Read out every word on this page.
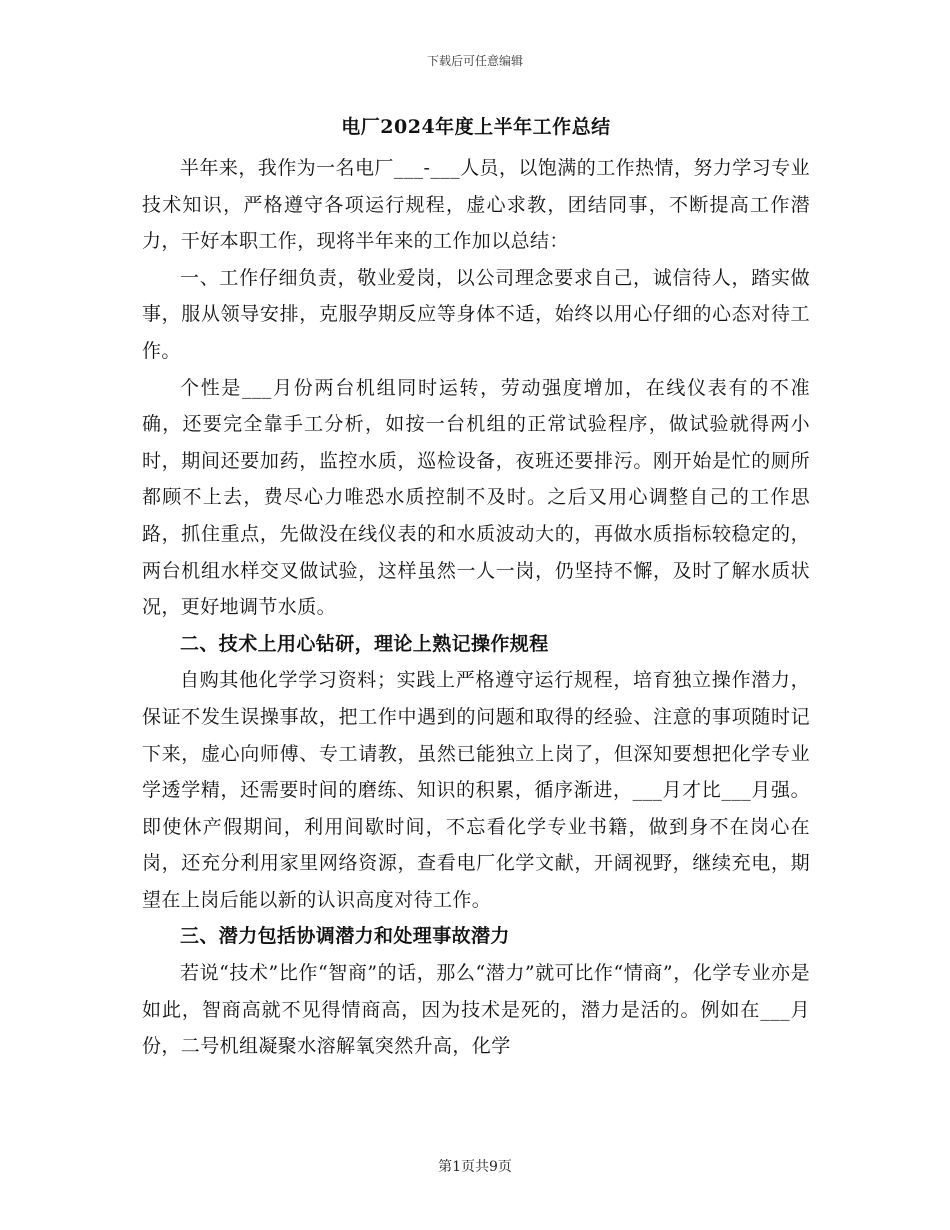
下载后可任意编辑
电厂2024年度上半年工作总结

半年来，我作为一名电厂___-___人员，以饱满的工作热情，努力学习专业技术知识，严格遵守各项运行规程，虚心求教，团结同事，不断提高工作潜力，干好本职工作，现将半年来的工作加以总结：

一、工作仔细负责，敬业爱岗，以公司理念要求自己，诚信待人，踏实做事，服从领导安排，克服孕期反应等身体不适，始终以用心仔细的心态对待工作。

个性是___月份两台机组同时运转，劳动强度增加，在线仪表有的不准确，还要完全靠手工分析，如按一台机组的正常试验程序，做试验就得两小时，期间还要加药，监控水质，巡检设备，夜班还要排污。刚开始是忙的厕所都顾不上去，费尽心力唯恐水质控制不及时。之后又用心调整自己的工作思路，抓住重点，先做没在线仪表的和水质波动大的，再做水质指标较稳定的，两台机组水样交叉做试验，这样虽然一人一岗，仍坚持不懈，及时了解水质状况，更好地调节水质。

二、技术上用心钻研，理论上熟记操作规程

自购其他化学学习资料；实践上严格遵守运行规程，培育独立操作潜力，保证不发生误操事故，把工作中遇到的问题和取得的经验、注意的事项随时记下来，虚心向师傅、专工请教，虽然已能独立上岗了，但深知要想把化学专业学透学精，还需要时间的磨练、知识的积累，循序渐进，___月才比___月强。即使休产假期间，利用间歇时间，不忘看化学专业书籍，做到身不在岗心在岗，还充分利用家里网络资源，查看电厂化学文献，开阔视野，继续充电，期望在上岗后能以新的认识高度对待工作。

三、潜力包括协调潜力和处理事故潜力

若说“技术”比作“智商”的话，那么“潜力”就可比作“情商”，化学专业亦是如此，智商高就不见得情商高，因为技术是死的，潜力是活的。例如在___月份，二号机组凝聚水溶解氧突然升高，化学

第1页共9页
